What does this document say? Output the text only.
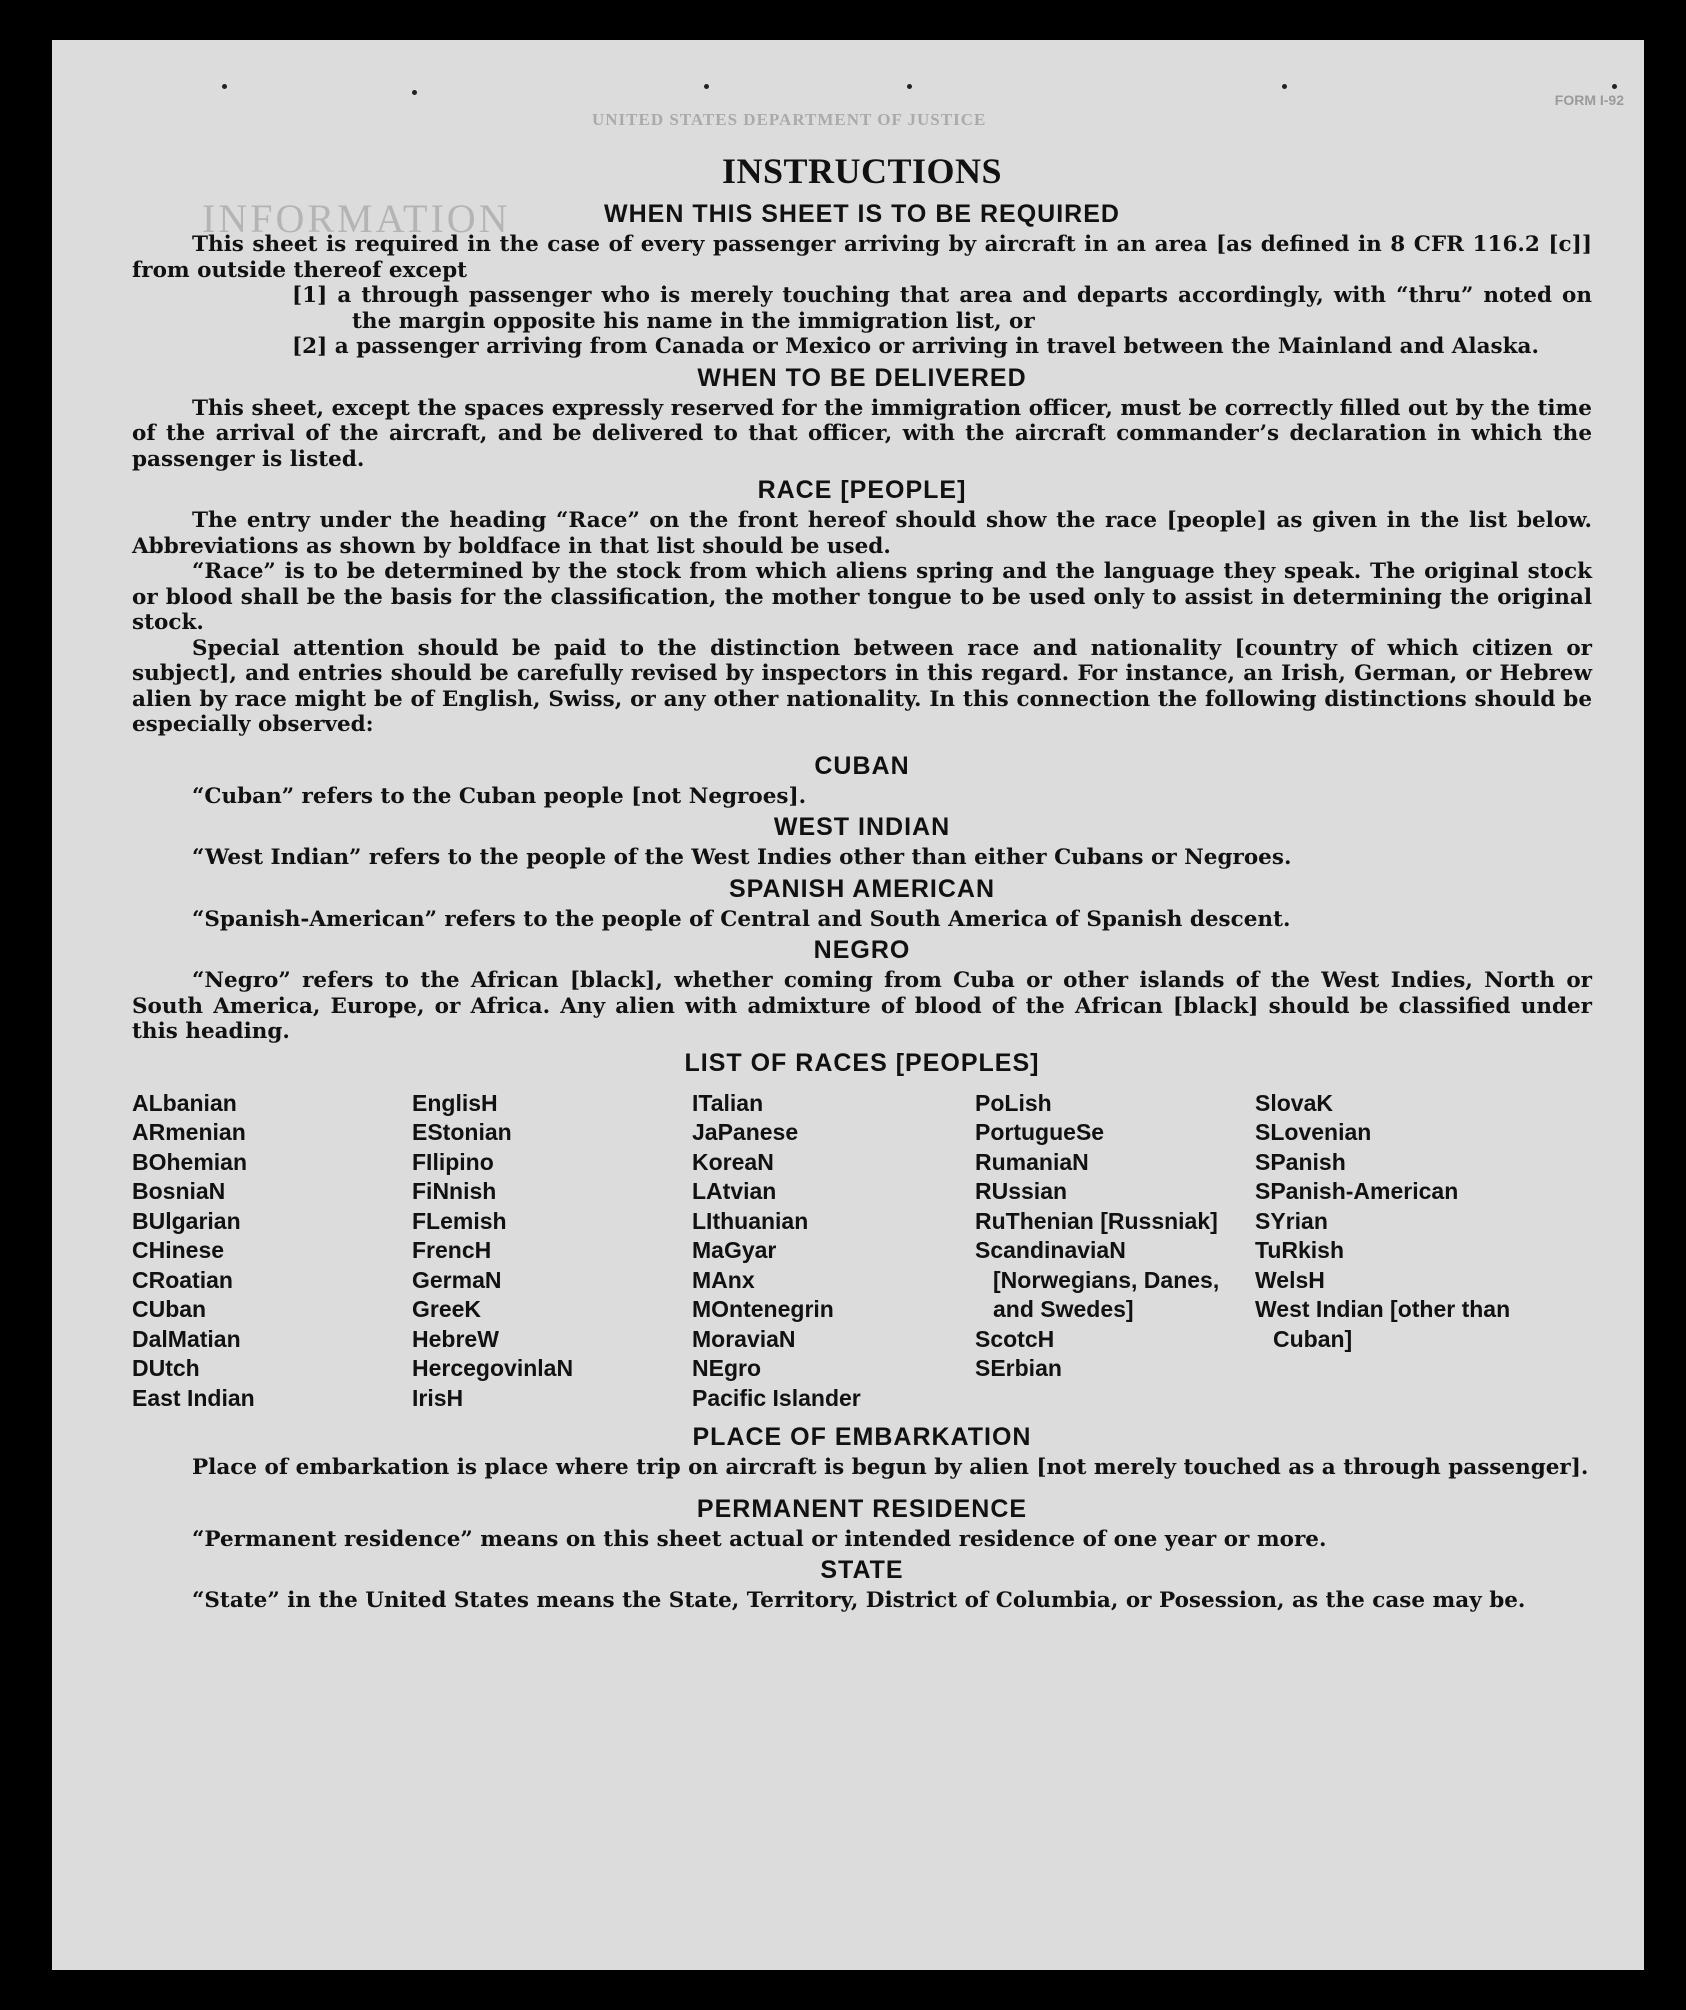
FORM I-92
UNITED STATES DEPARTMENT OF JUSTICE
INFORMATION
INSTRUCTIONS
WHEN THIS SHEET IS TO BE REQUIRED

This sheet is required in the case of every passenger arriving by aircraft in an area [as defined in 8 CFR 116.2 [c]] from outside thereof except

[1] a through passenger who is merely touching that area and departs accordingly, with “thru” noted on the margin opposite his name in the immigration list, or

[2] a passenger arriving from Canada or Mexico or arriving in travel between the Mainland and Alaska.

WHEN TO BE DELIVERED

This sheet, except the spaces expressly reserved for the immigration officer, must be correctly filled out by the time of the arrival of the aircraft, and be delivered to that officer, with the aircraft commander’s declaration in which the passenger is listed.

RACE [PEOPLE]

The entry under the heading “Race” on the front hereof should show the race [people] as given in the list below. Abbreviations as shown by boldface in that list should be used.

“Race” is to be determined by the stock from which aliens spring and the language they speak. The original stock or blood shall be the basis for the classification, the mother tongue to be used only to assist in determining the original stock.

Special attention should be paid to the distinction between race and nationality [country of which citizen or subject], and entries should be carefully revised by inspectors in this regard. For instance, an Irish, German, or Hebrew alien by race might be of English, Swiss, or any other nationality. In this connection the following distinctions should be especially observed:

CUBAN

“Cuban” refers to the Cuban people [not Negroes].

WEST INDIAN

“West Indian” refers to the people of the West Indies other than either Cubans or Negroes.

SPANISH AMERICAN

“Spanish-American” refers to the people of Central and South America of Spanish descent.

NEGRO

“Negro” refers to the African [black], whether coming from Cuba or other islands of the West Indies, North or South America, Europe, or Africa. Any alien with admixture of blood of the African [black] should be classified under this heading.

LIST OF RACES [PEOPLES]
ALbanian
ARmenian
BOhemian
BosniaN
BUlgarian
CHinese
CRoatian
CUban
DalMatian
DUtch
East Indian
EnglisH
EStonian
FIlipino
FiNnish
FLemish
FrencH
GermaN
GreeK
HebreW
HercegovinlaN
IrisH
ITalian
JaPanese
KoreaN
LAtvian
LIthuanian
MaGyar
MAnx
MOntenegrin
MoraviaN
NEgro
Pacific Islander
PoLish
PortugueSe
RumaniaN
RUssian
RuThenian [Russniak]
ScandinaviaN [Norwegians, Danes, and Swedes]
ScotcH
SErbian
SlovaK
SLovenian
SPanish
SPanish-American
SYrian
TuRkish
WelsH
West Indian [other than Cuban]
PLACE OF EMBARKATION

Place of embarkation is place where trip on aircraft is begun by alien [not merely touched as a through passenger].

PERMANENT RESIDENCE

“Permanent residence” means on this sheet actual or intended residence of one year or more.

STATE

“State” in the United States means the State, Territory, District of Columbia, or Posession, as the case may be.
